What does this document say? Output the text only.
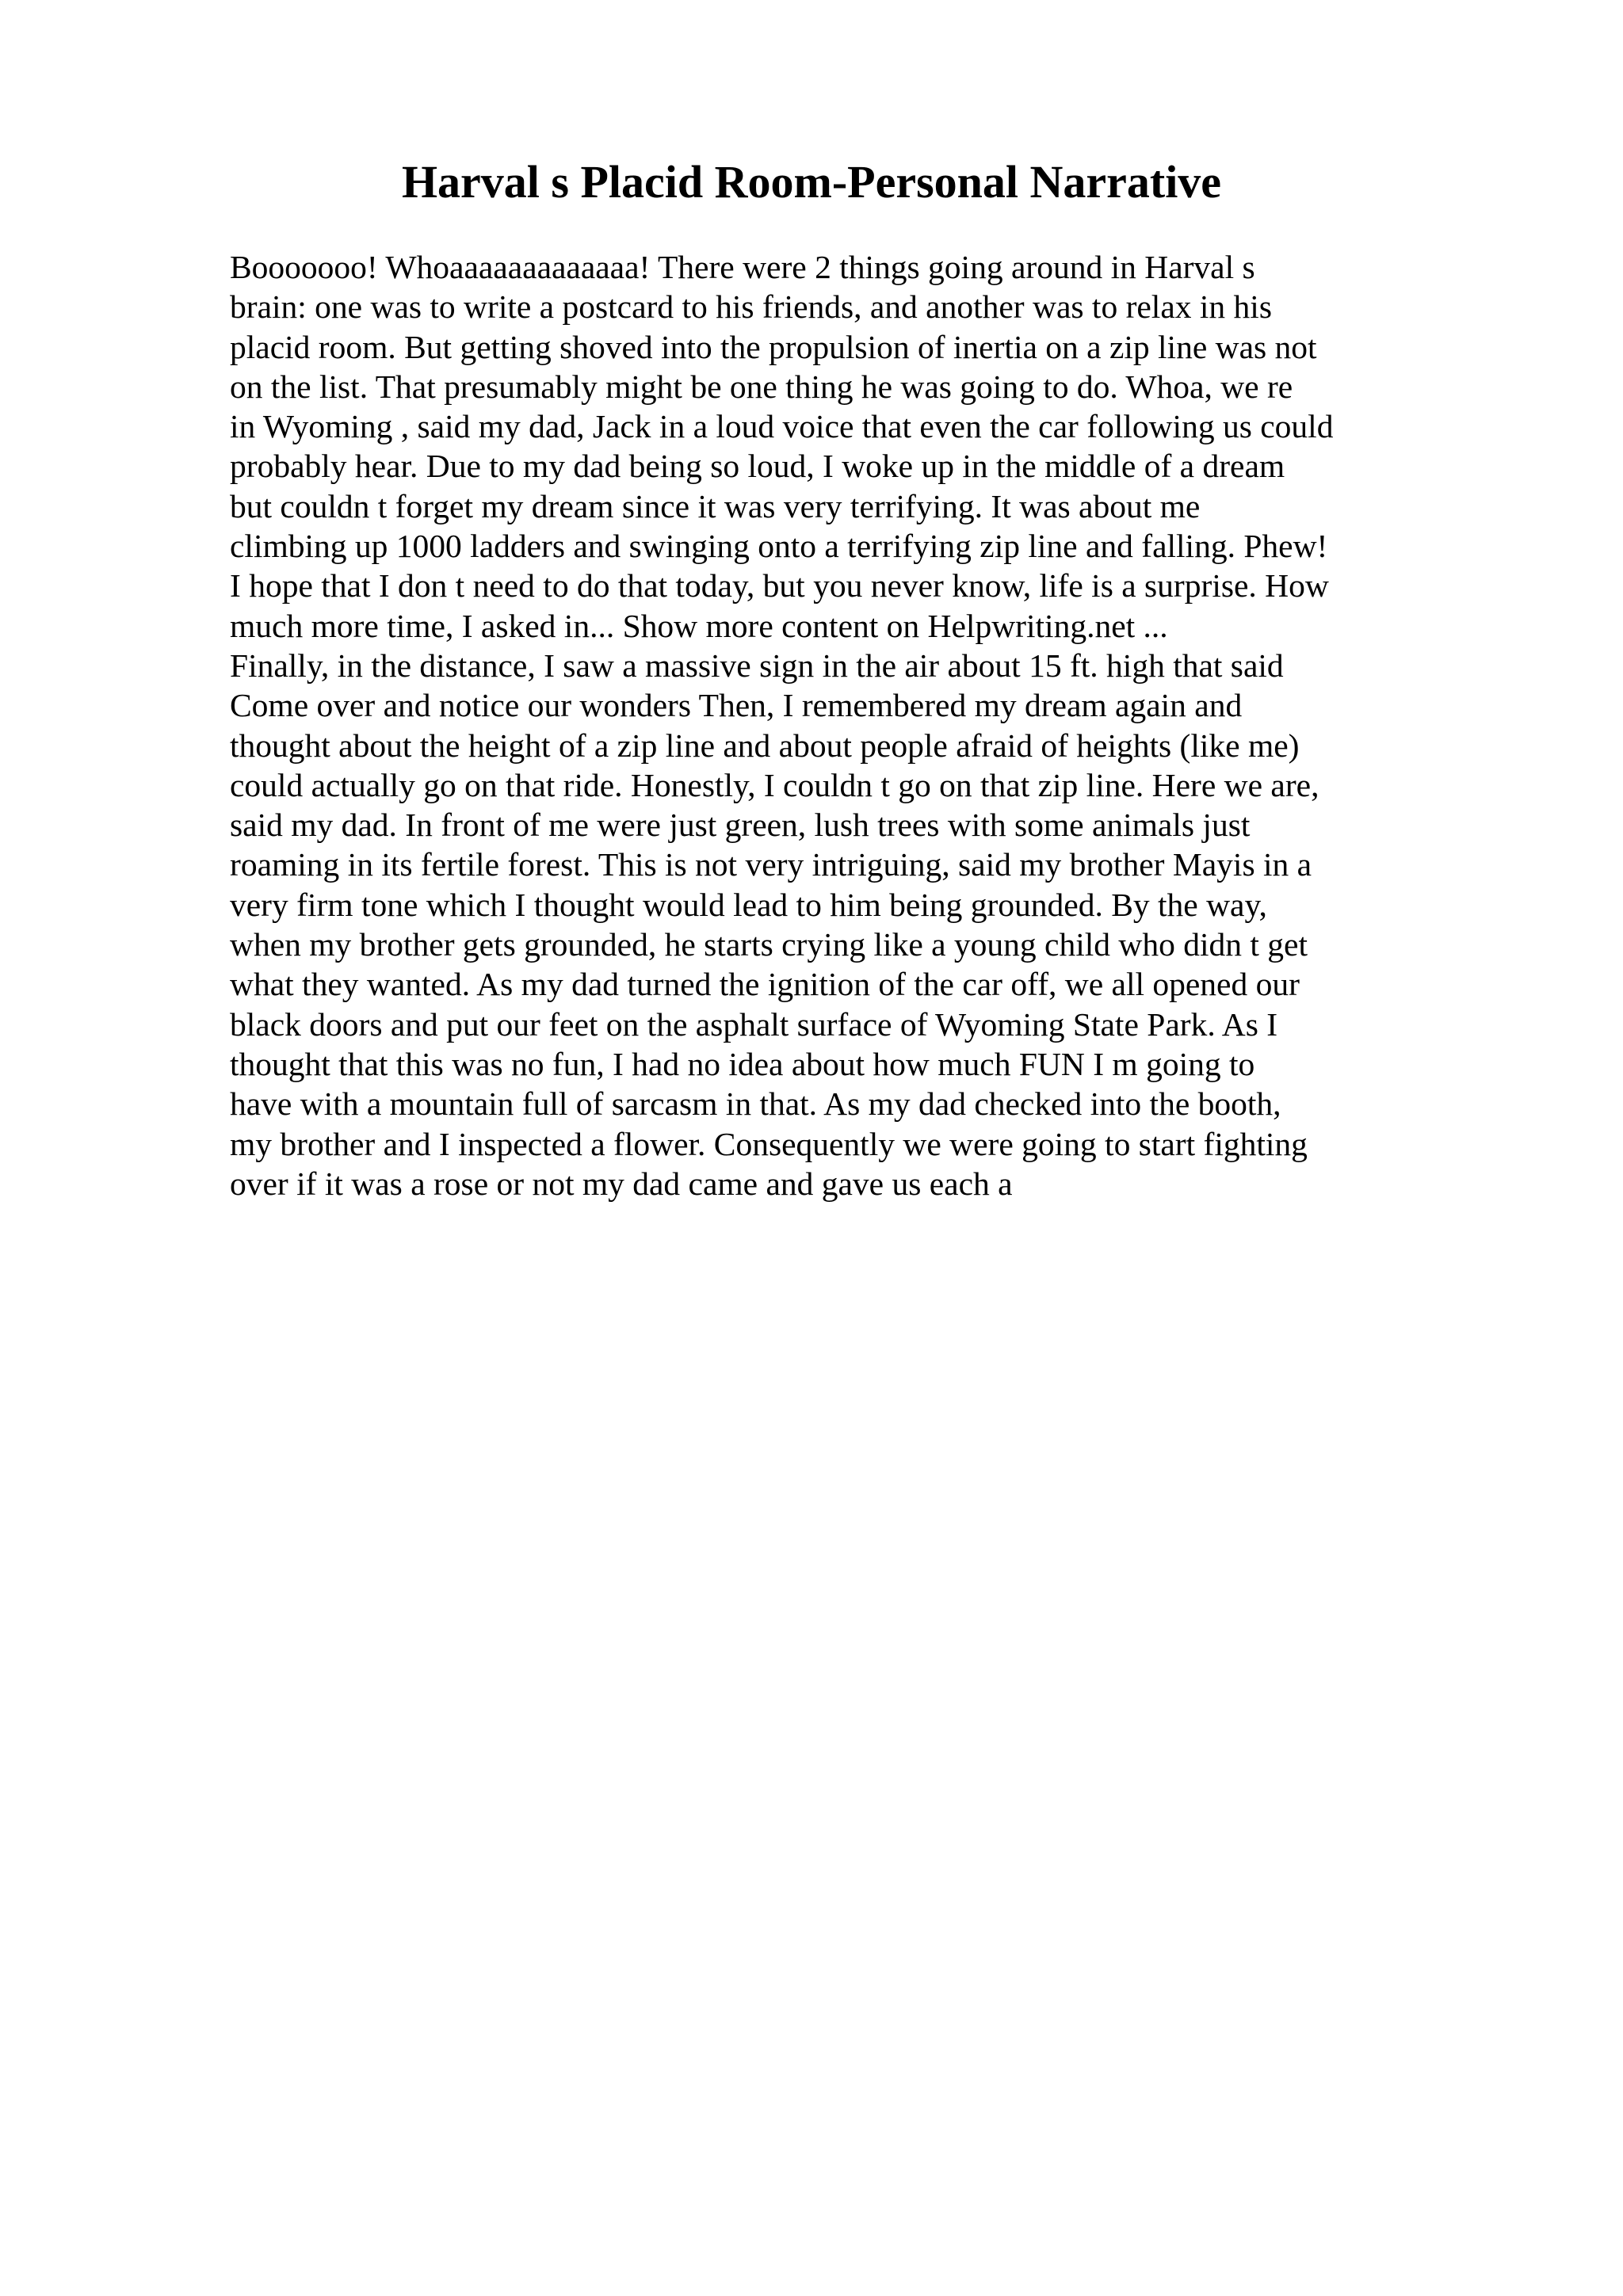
Harval s Placid Room-Personal Narrative
Booooooo! Whoaaaaaaaaaaaaa! There were 2 things going around in Harval s
brain: one was to write a postcard to his friends, and another was to relax in his
placid room. But getting shoved into the propulsion of inertia on a zip line was not
on the list. That presumably might be one thing he was going to do. Whoa, we re
in Wyoming , said my dad, Jack in a loud voice that even the car following us could
probably hear. Due to my dad being so loud, I woke up in the middle of a dream
but couldn t forget my dream since it was very terrifying. It was about me
climbing up 1000 ladders and swinging onto a terrifying zip line and falling. Phew!
I hope that I don t need to do that today, but you never know, life is a surprise. How
much more time, I asked in... Show more content on Helpwriting.net ...
Finally, in the distance, I saw a massive sign in the air about 15 ft. high that said
Come over and notice our wonders Then, I remembered my dream again and
thought about the height of a zip line and about people afraid of heights (like me)
could actually go on that ride. Honestly, I couldn t go on that zip line. Here we are,
said my dad. In front of me were just green, lush trees with some animals just
roaming in its fertile forest. This is not very intriguing, said my brother Mayis in a
very firm tone which I thought would lead to him being grounded. By the way,
when my brother gets grounded, he starts crying like a young child who didn t get
what they wanted. As my dad turned the ignition of the car off, we all opened our
black doors and put our feet on the asphalt surface of Wyoming State Park. As I
thought that this was no fun, I had no idea about how much FUN I m going to
have with a mountain full of sarcasm in that. As my dad checked into the booth,
my brother and I inspected a flower. Consequently we were going to start fighting
over if it was a rose or not my dad came and gave us each a
